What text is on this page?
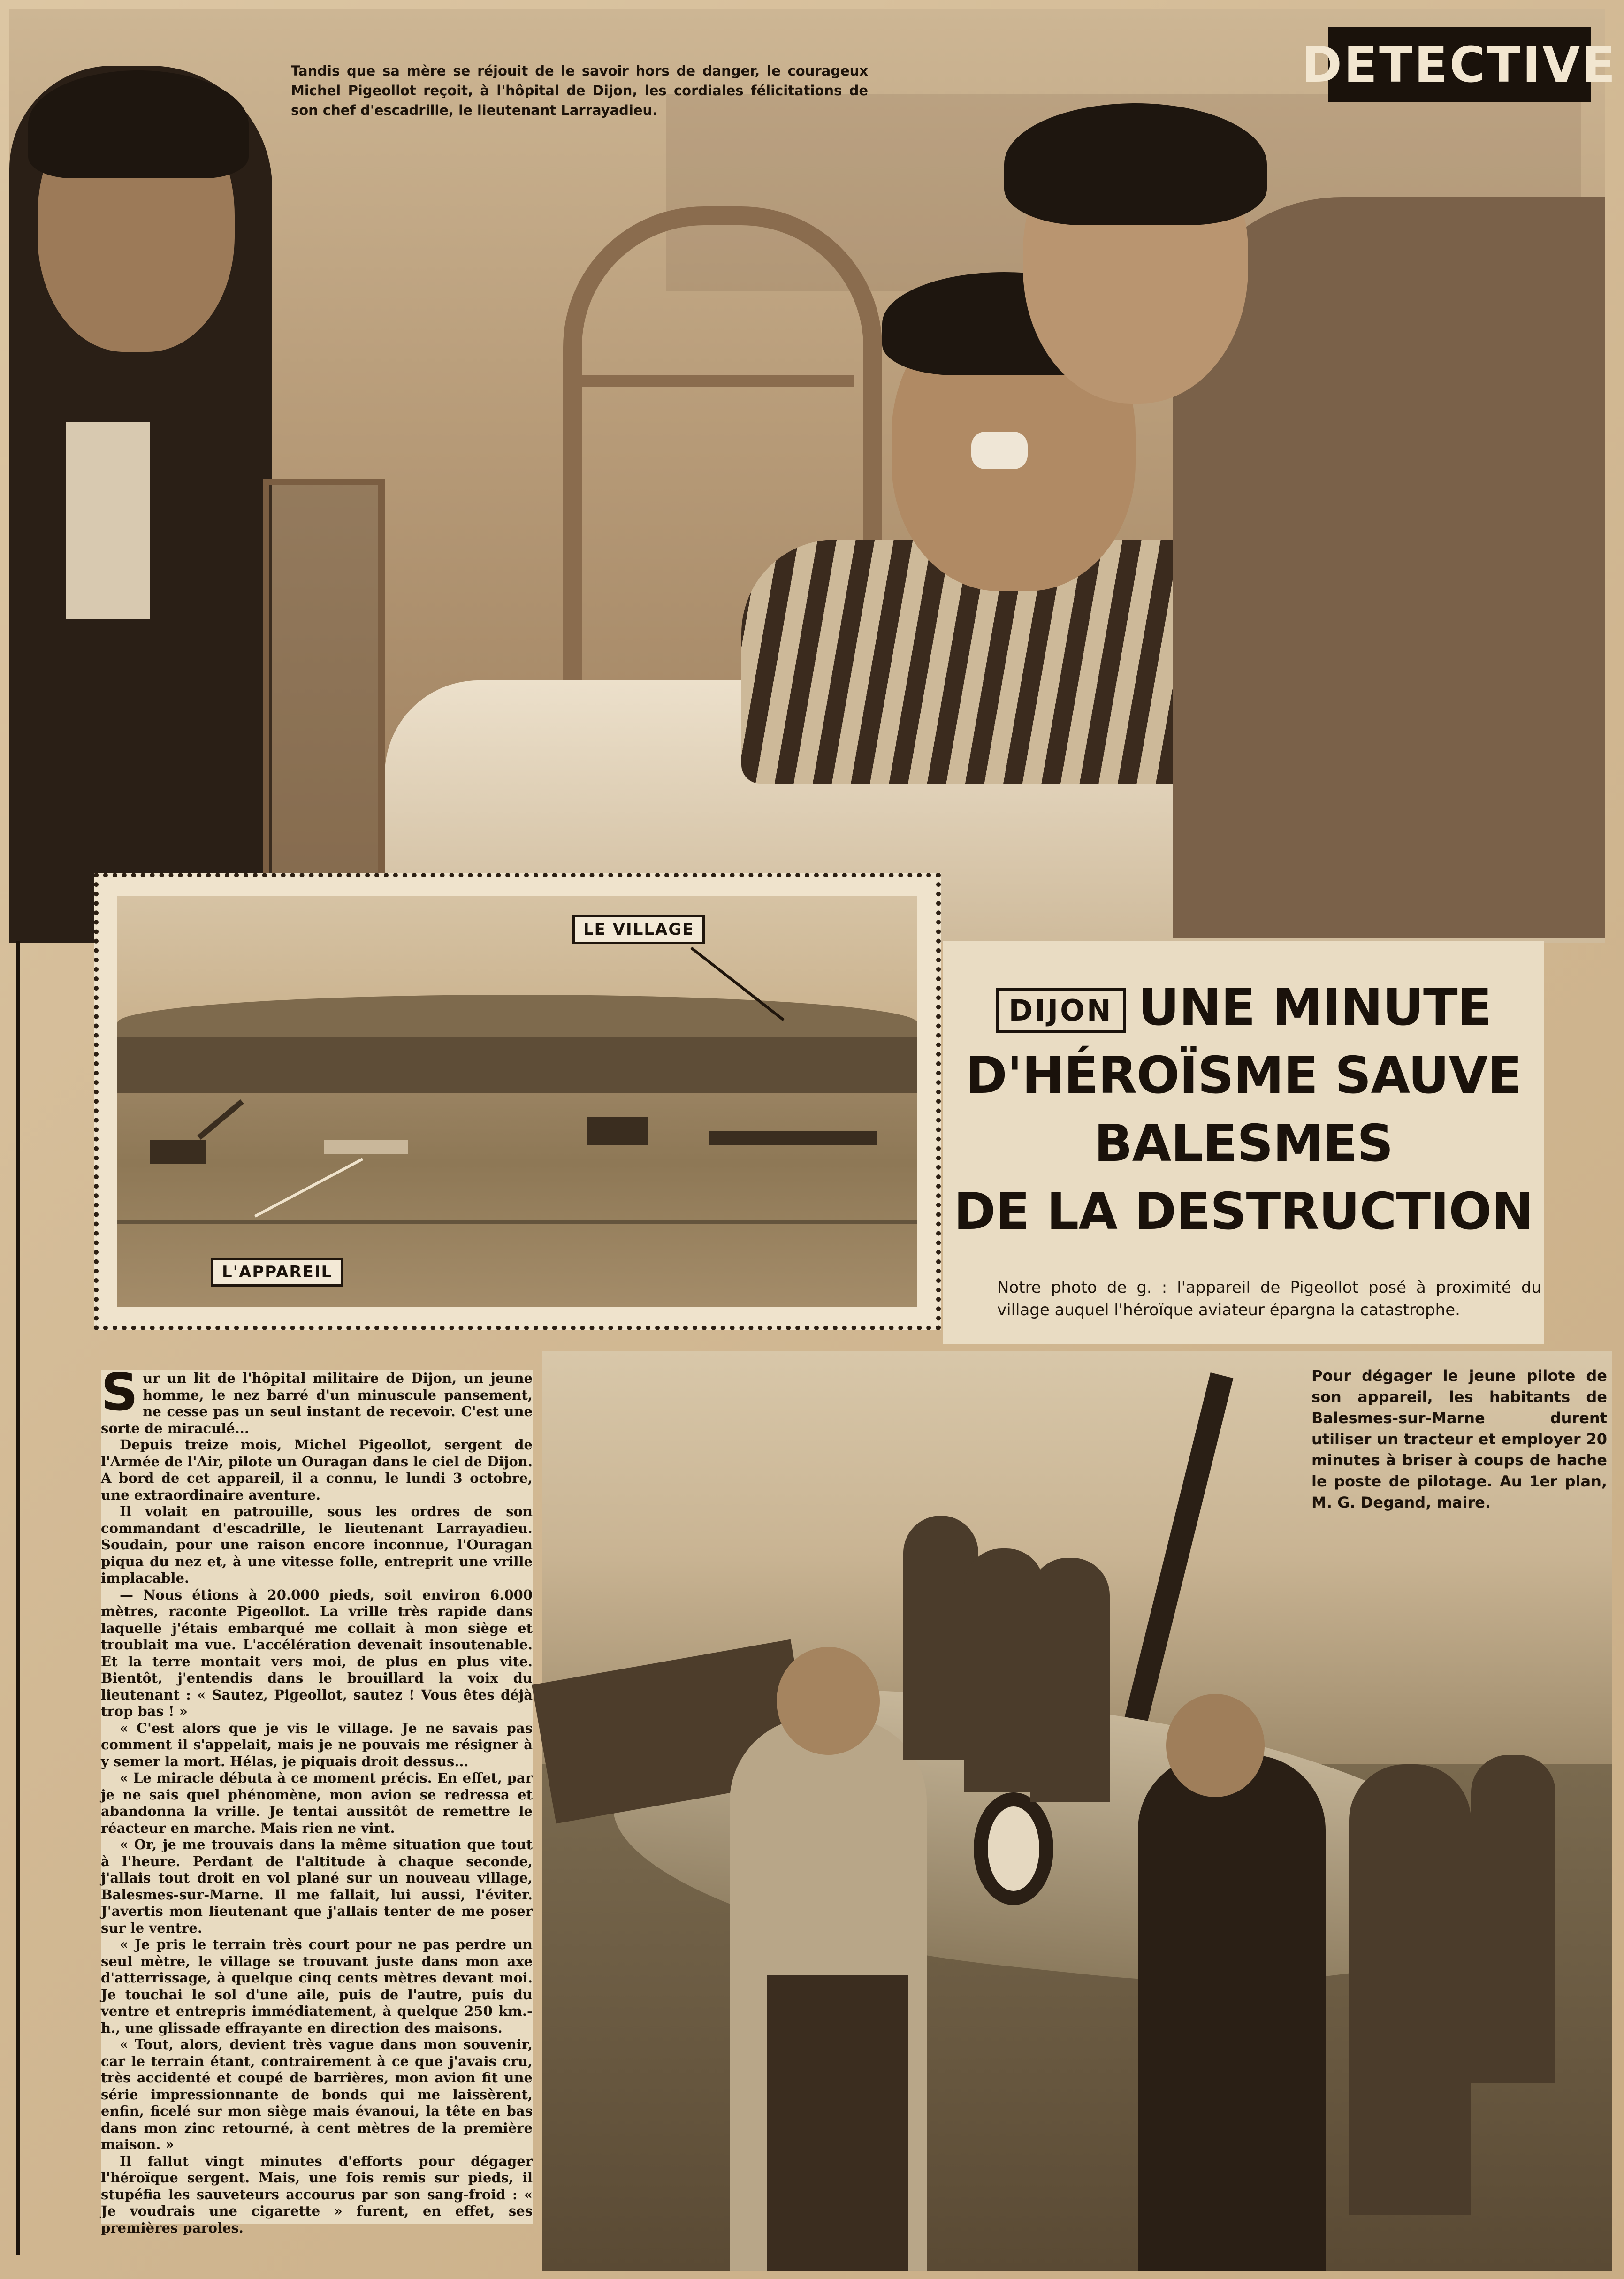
Tandis que sa mère se réjouit de le savoir hors de danger, le courageux Michel Pigeollot reçoit, à l'hôpital de Dijon, les cordiales félicitations de son chef d'escadrille, le lieutenant Larrayadieu.
DETECTIVE
LE VILLAGE
L'APPAREIL
DIJON UNE MINUTE
D'HÉROÏSME SAUVE
BALESMES
DE LA DESTRUCTION
Notre photo de g. : l'appareil de Pigeollot posé à proximité du village auquel l'héroïque aviateur épargna la catastrophe.

Sur un lit de l'hôpital militaire de Dijon, un jeune homme, le nez barré d'un minuscule pansement, ne cesse pas un seul instant de recevoir. C'est une sorte de miraculé...

Depuis treize mois, Michel Pigeollot, sergent de l'Armée de l'Air, pilote un Ouragan dans le ciel de Dijon. A bord de cet appareil, il a connu, le lundi 3 octobre, une extraordinaire aventure.

Il volait en patrouille, sous les ordres de son commandant d'escadrille, le lieutenant Larrayadieu. Soudain, pour une raison encore inconnue, l'Ouragan piqua du nez et, à une vitesse folle, entreprit une vrille implacable.

— Nous étions à 20.000 pieds, soit environ 6.000 mètres, raconte Pigeollot. La vrille très rapide dans laquelle j'étais embarqué me collait à mon siège et troublait ma vue. L'accélération devenait insoutenable. Et la terre montait vers moi, de plus en plus vite. Bientôt, j'entendis dans le brouillard la voix du lieutenant : « Sautez, Pigeollot, sautez ! Vous êtes déjà trop bas ! »

« C'est alors que je vis le village. Je ne savais pas comment il s'appelait, mais je ne pouvais me résigner à y semer la mort. Hélas, je piquais droit dessus...

« Le miracle débuta à ce moment précis. En effet, par je ne sais quel phénomène, mon avion se redressa et abandonna la vrille. Je tentai aussitôt de remettre le réacteur en marche. Mais rien ne vint.

« Or, je me trouvais dans la même situation que tout à l'heure. Perdant de l'altitude à chaque seconde, j'allais tout droit en vol plané sur un nouveau village, Balesmes-sur-Marne. Il me fallait, lui aussi, l'éviter. J'avertis mon lieutenant que j'allais tenter de me poser sur le ventre.

« Je pris le terrain très court pour ne pas perdre un seul mètre, le village se trouvant juste dans mon axe d'atterrissage, à quelque cinq cents mètres devant moi. Je touchai le sol d'une aile, puis de l'autre, puis du ventre et entrepris immédiatement, à quelque 250 km.-h., une glissade effrayante en direction des maisons.

« Tout, alors, devient très vague dans mon souvenir, car le terrain étant, contrairement à ce que j'avais cru, très accidenté et coupé de barrières, mon avion fit une série impressionnante de bonds qui me laissèrent, enfin, ficelé sur mon siège mais évanoui, la tête en bas dans mon zinc retourné, à cent mètres de la première maison. »

Il fallut vingt minutes d'efforts pour dégager l'héroïque sergent. Mais, une fois remis sur pieds, il stupéfia les sauveteurs accourus par son sang-froid : « Je voudrais une cigarette » furent, en effet, ses premières paroles.

Pour dégager le jeune pilote de son appareil, les habitants de Balesmes-sur-Marne durent utiliser un tracteur et employer 20 minutes à briser à coups de hache le poste de pilotage. Au 1er plan, M. G. Degand, maire.
